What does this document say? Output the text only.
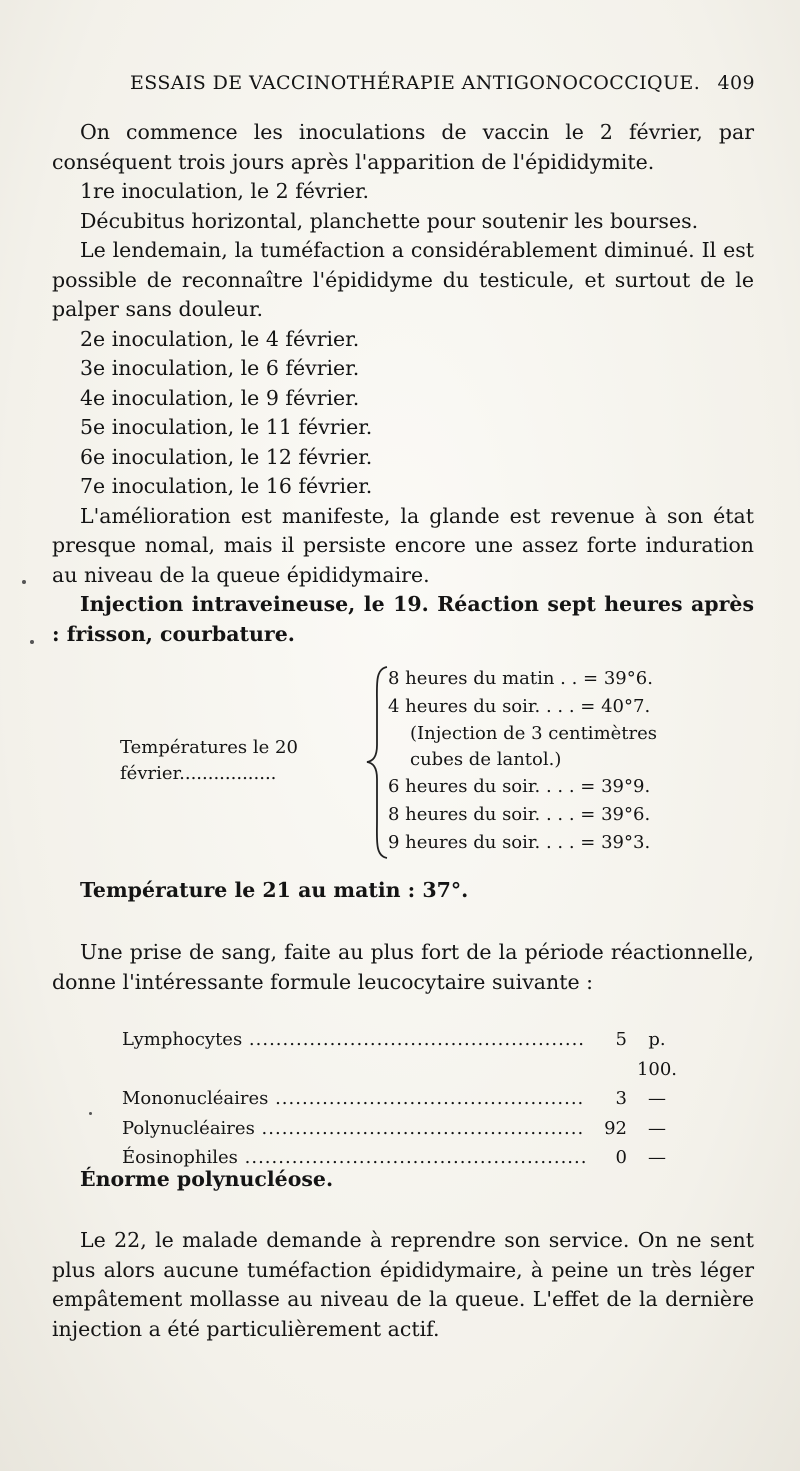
ESSAIS DE VACCINOTHÉRAPIE ANTIGONOCOCCIQUE. 409

On commence les inoculations de vaccin le 2 février, par conséquent trois jours après l'apparition de l'épididymite.

1re inoculation, le 2 février.

Décubitus horizontal, planchette pour soutenir les bourses.

Le lendemain, la tuméfaction a considérablement diminué. Il est possible de reconnaître l'épididyme du testicule, et surtout de le palper sans douleur.

2e inoculation, le 4 février.

3e inoculation, le 6 février.

4e inoculation, le 9 février.

5e inoculation, le 11 février.

6e inoculation, le 12 février.

7e inoculation, le 16 février.

L'amélioration est manifeste, la glande est revenue à son état presque nomal, mais il persiste encore une assez forte induration au niveau de la queue épididymaire.

Injection intraveineuse, le 19. Réaction sept heures après : frisson, courbature.

Températures le 20 février.................
8 heures du matin . . = 39°6.
4 heures du soir. . . . = 40°7.
(Injection de 3 centimètres
cubes de lantol.)
6 heures du soir. . . . = 39°9.
8 heures du soir. . . . = 39°6.
9 heures du soir. . . . = 39°3.
Température le 21 au matin : 37°.

Une prise de sang, faite au plus fort de la période réactionnelle, donne l'intéressante formule leucocytaire suivante :

Lymphocytes .....	5	p. 100.
Mononucléaires .....	3	—
Polynucléaires .....	92	—
Éosinophiles .....	0	—
Énorme polynucléose.

Le 22, le malade demande à reprendre son service. On ne sent plus alors aucune tuméfaction épididymaire, à peine un très léger empâtement mollasse au niveau de la queue. L'effet de la dernière injection a été particulièrement actif.
